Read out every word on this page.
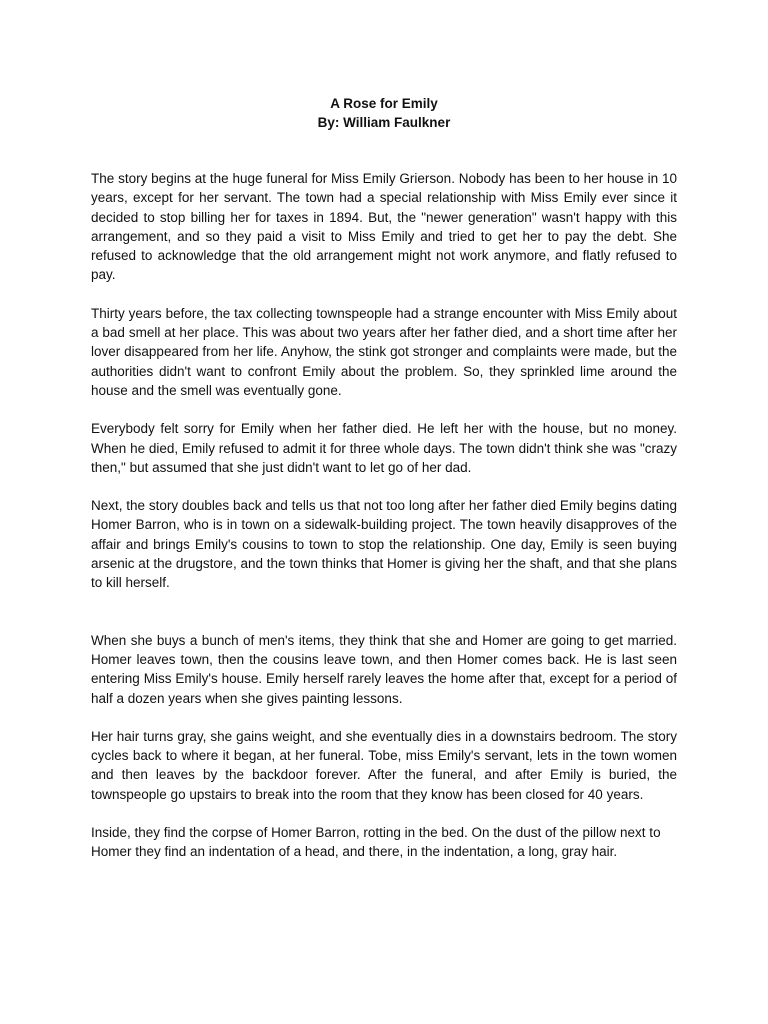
A Rose for Emily
By: William Faulkner

The story begins at the huge funeral for Miss Emily Grierson. Nobody has been to her house in 10 years, except for her servant. The town had a special relationship with Miss Emily ever since it decided to stop billing her for taxes in 1894. But, the "newer generation" wasn't happy with this arrangement, and so they paid a visit to Miss Emily and tried to get her to pay the debt. She refused to acknowledge that the old arrangement might not work anymore, and flatly refused to pay.

Thirty years before, the tax collecting townspeople had a strange encounter with Miss Emily about a bad smell at her place. This was about two years after her father died, and a short time after her lover disappeared from her life. Anyhow, the stink got stronger and complaints were made, but the authorities didn't want to confront Emily about the problem. So, they sprinkled lime around the house and the smell was eventually gone.

Everybody felt sorry for Emily when her father died. He left her with the house, but no money. When he died, Emily refused to admit it for three whole days. The town didn't think she was "crazy then," but assumed that she just didn't want to let go of her dad.

Next, the story doubles back and tells us that not too long after her father died Emily begins dating Homer Barron, who is in town on a sidewalk-building project. The town heavily disapproves of the affair and brings Emily's cousins to town to stop the relationship. One day, Emily is seen buying arsenic at the drugstore, and the town thinks that Homer is giving her the shaft, and that she plans to kill herself.

When she buys a bunch of men's items, they think that she and Homer are going to get married. Homer leaves town, then the cousins leave town, and then Homer comes back. He is last seen entering Miss Emily's house. Emily herself rarely leaves the home after that, except for a period of half a dozen years when she gives painting lessons.

Her hair turns gray, she gains weight, and she eventually dies in a downstairs bedroom. The story cycles back to where it began, at her funeral. Tobe, miss Emily's servant, lets in the town women and then leaves by the backdoor forever. After the funeral, and after Emily is buried, the townspeople go upstairs to break into the room that they know has been closed for 40 years.

Inside, they find the corpse of Homer Barron, rotting in the bed. On the dust of the pillow next to Homer they find an indentation of a head, and there, in the indentation, a long, gray hair.
